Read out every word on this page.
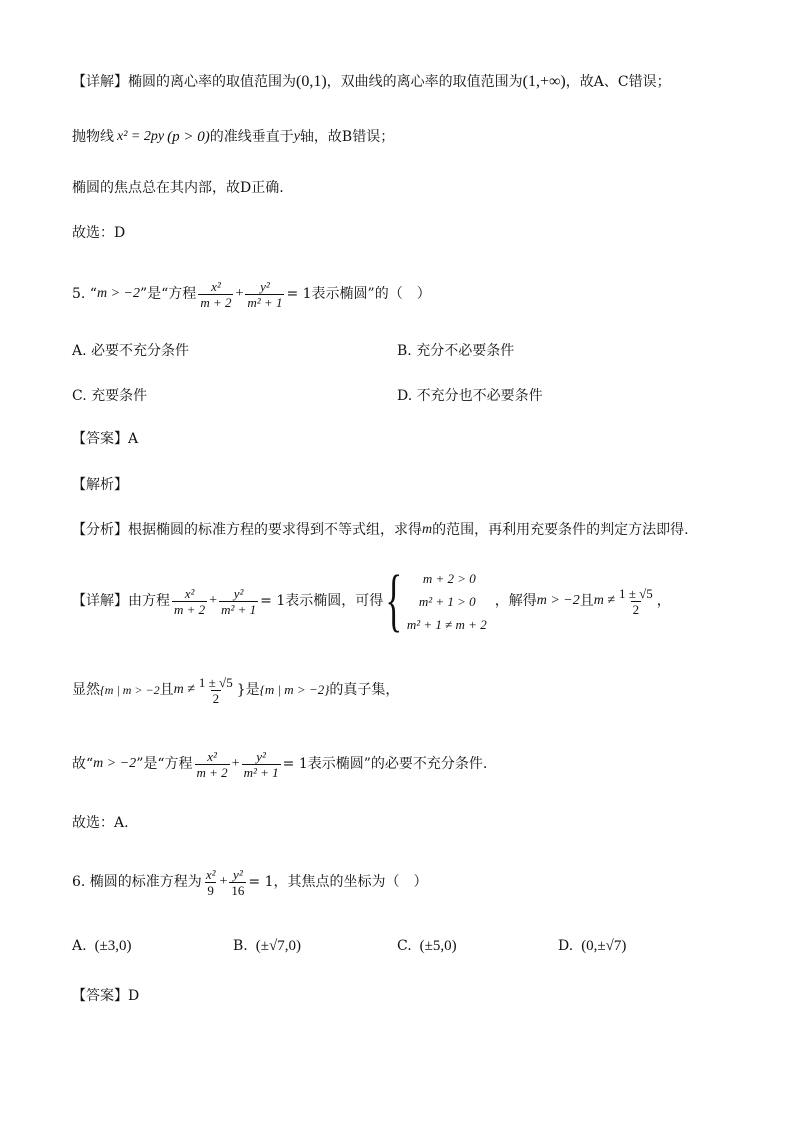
【详解】 椭圆的离心率的取值范围为 (0,1) ，双曲线的离心率的取值范围为 (1,+∞) ，故A、C错误；
抛物线 x² = 2py (p > 0) 的准线垂直于 y 轴，故B错误；
椭圆的焦点总在其内部，故D正确.
故选：D
5. “ m > −2 ”是“方程 $\frac{\text{x²}}{m + 2} + \frac{\text{y²}}{\text{m² + 1}} = 1$表示椭圆”的（　）
A. 必要不充分条件	B. 充分不必要条件
C. 充要条件	D. 不充分也不必要条件
【答案】A
【解析】
【分析】 根据椭圆的标准方程的要求得到不等式组，求得 m 的范围，再利用充要条件的判定方法即得.
【详解】 由方程 $\frac{\text{x²}}{m + 2} + \frac{\text{y²}}{\text{m² + 1}} = 1$表示椭圆，可得 {	m + 2 > 0
m² + 1 > 0
m² + 1 ≠ m + 2
，解得 m > −2 且 $m \ne \frac{1 \pm √5}{2}$ ，
显然 {m | m > −2 且 $m \ne \frac{1 \pm √5}{2}$ }是 {m | m > −2} 的真子集，
故“ m > −2 ”是“方程 $\frac{\text{x²}}{m + 2} + \frac{\text{y²}}{\text{m² + 1}} = 1$表示椭圆”的必要不充分条件.
故选：A.
6. 椭圆的标准方程为 $\frac{\text{x²}}{9} + \frac{\text{y²}}{16} = 1$，其焦点的坐标为（　）
A. (±3,0)	B. (±√7,0)	C. (±5,0)	D. (0,±√7)
【答案】D
